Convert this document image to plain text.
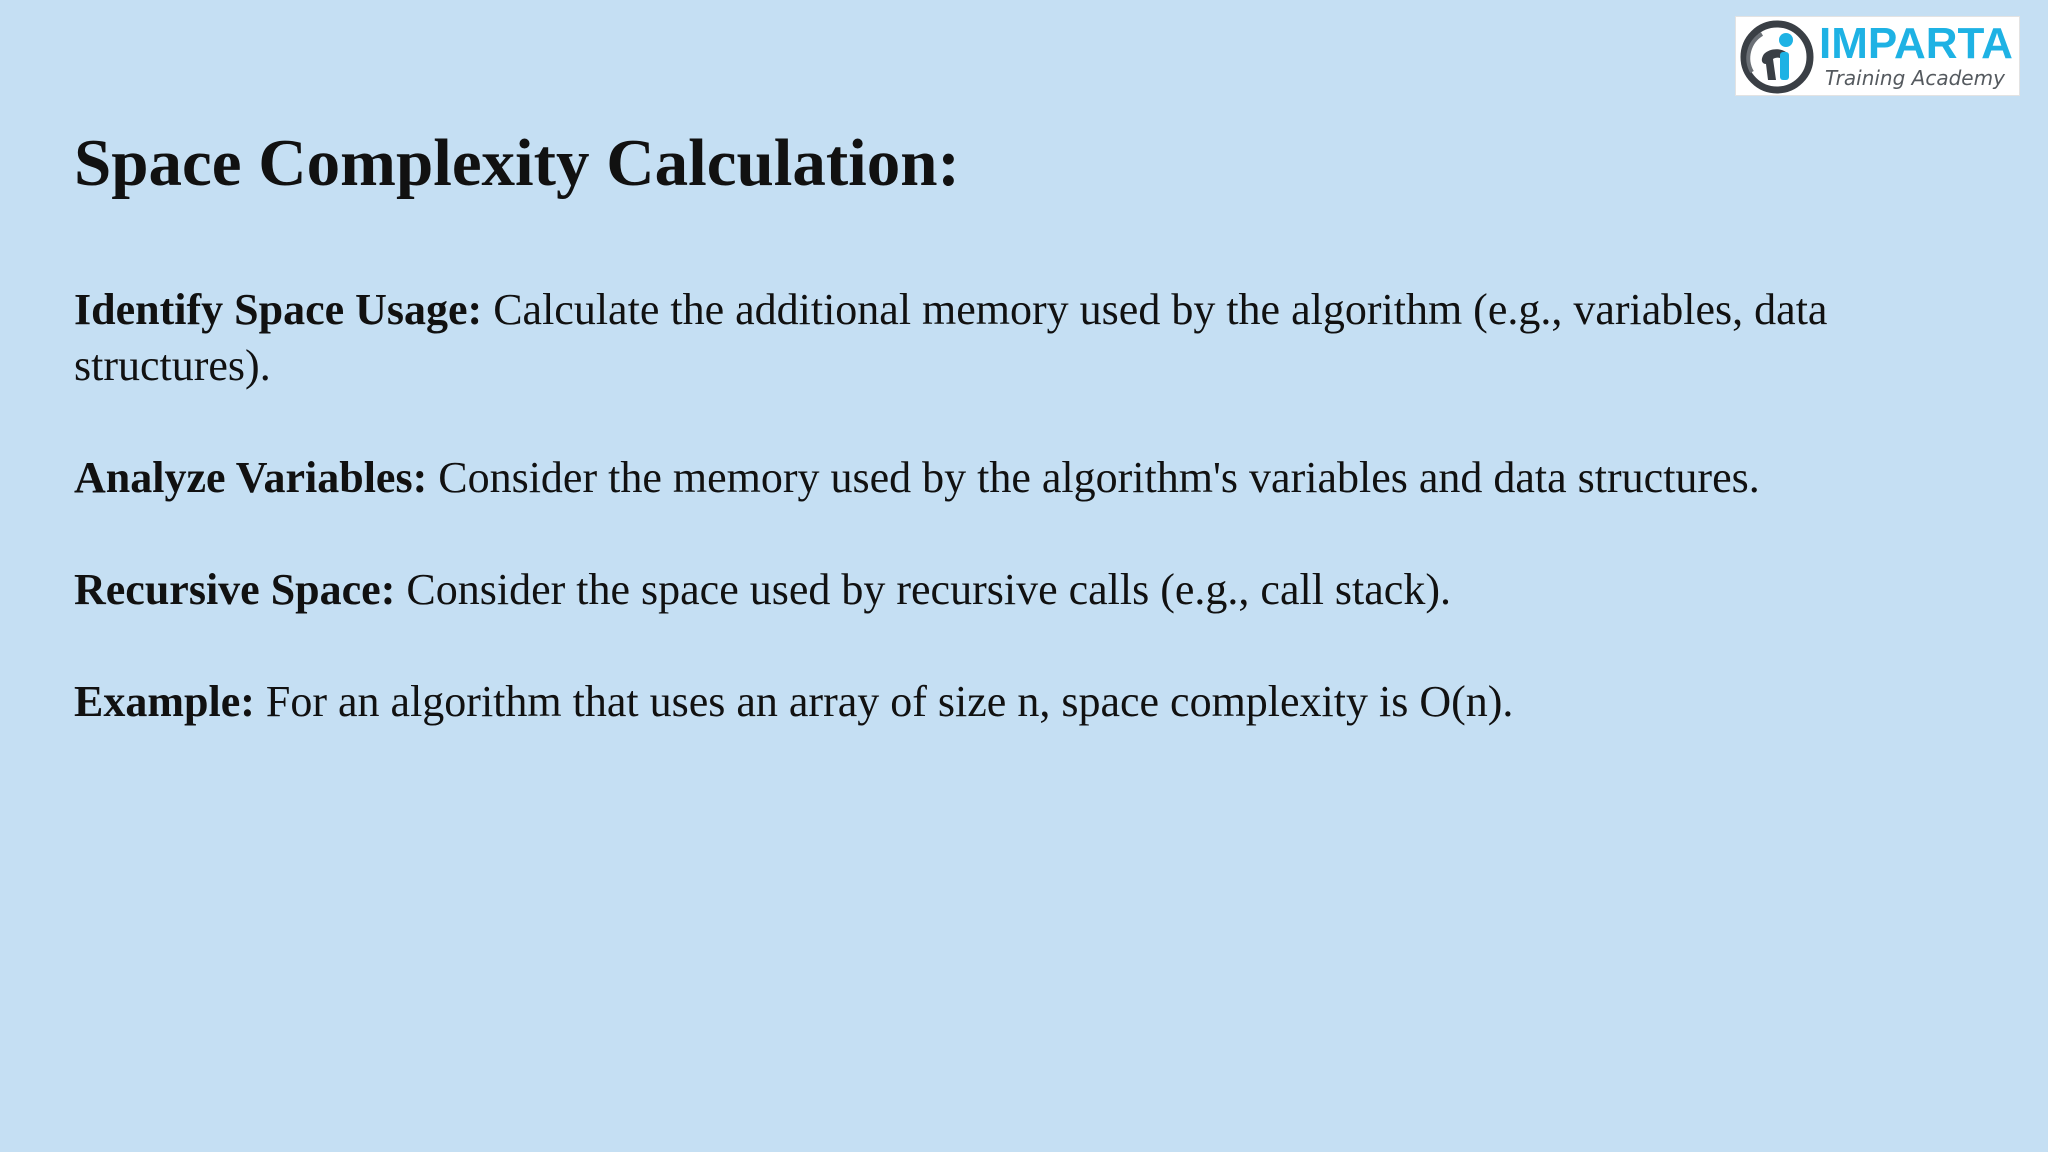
IMPARTA
Training Academy
Space Complexity Calculation:

Identify Space Usage: Calculate the additional memory used by the algorithm (e.g., variables, data structures).

Analyze Variables: Consider the memory used by the algorithm's variables and data structures.

Recursive Space: Consider the space used by recursive calls (e.g., call stack).

Example: For an algorithm that uses an array of size n, space complexity is O(n).
